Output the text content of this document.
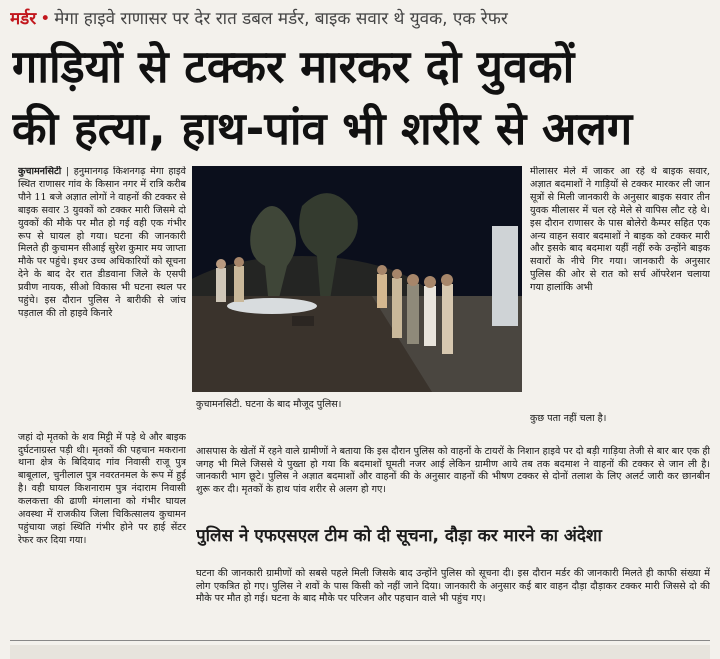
मर्डर • मेगा हाइवे राणासर पर देर रात डबल मर्डर, बाइक सवार थे युवक, एक रेफर
गाड़ियों से टक्कर मारकर दो युवकों
की हत्या, हाथ-पांव भी शरीर से अलग

कुचामनसिटी | हनुमानगढ़ किशनगढ़ मेगा हाइवे स्थित राणासर गांव के किसान नगर में रात्रि करीब पौने 11 बजे अज्ञात लोगों ने वाहनों की टक्कर से बाइक सवार 3 युवकों को टक्कर मारी जिसमे दो युवकों की मौके पर मौत हो गई वही एक गंभीर रूप से घायल हो गया। घटना की जानकारी मिलते ही कुचामन सीआई सुरेश कुमार मय जाप्ता मौके पर पहुंचे। इधर उच्च अधिकारियों को सूचना देने के बाद देर रात डीडवाना जिले के एसपी प्रवीण नायक, सीओ विकास भी घटना स्थल पर पहुंचे। इस दौरान पुलिस ने बारीकी से जांच पड़ताल की तो हाइवे किनारे

मीलासर मेले में जाकर आ रहे थे बाइक सवार, अज्ञात बदमाशों ने गाड़ियों से टक्कर मारकर ली जान सूत्रों से मिली जानकारी के अनुसार बाइक सवार तीन युवक मीलासर में चल रहे मेले से वापिस लौट रहे थे। इस दौरान राणासर के पास बोलेरो कैम्पर सहित एक अन्य वाहन सवार बदमाशों ने बाइक को टक्कर मारी और इसके बाद बदमाश यहीं नहीं रुके उन्होंने बाइक सवारों के नीचे गिर गया। जानकारी के अनुसार पुलिस की ओर से रात को सर्च ऑपरेशन चलाया गया हालांकि अभी

कुचामनसिटी. घटना के बाद मौजूद पुलिस।
कुछ पता नहीं चला है।

जहां दो मृतको के शव मिट्टी में पड़े थे और बाइक दुर्घटनाग्रस्त पड़ी थी। मृतकों की पहचान मकराना थाना क्षेत्र के बिदियाद गांव निवासी राजू पुत्र बाबूलाल, चुनीलाल पुत्र नवरतनमल के रूप में हुई है। वही घायल किशनाराम पुत्र नंदाराम निवासी कलकत्ता की ढाणी मंगलाना को गंभीर घायल अवस्था में राजकीय जिला चिकित्सालय कुचामन पहुंचाया जहां स्थिति गंभीर होने पर हाई सेंटर रेफर कर दिया गया।

आसपास के खेतों में रहने वाले ग्रामीणों ने बताया कि इस दौरान पुलिस को वाहनों के टायरों के निशान हाइवे पर दो बड़ी गाड़िया तेजी से बार बार एक ही जगह भी मिले जिससे ये पुख्ता हो गया कि बदमाशों घूमती नजर आई लेकिन ग्रामीण आये तब तक बदमाश ने वाहनों की टक्कर से जान ली है। जानकारी भाग छूटे। पुलिस ने अज्ञात बदमाशों और वाहनों की के अनुसार वाहनों की भीषण टक्कर से दोनों तलाश के लिए अलर्ट जारी कर छानबीन शुरू कर दी। मृतकों के हाथ पांव शरीर से अलग हो गए।

पुलिस ने एफएसएल टीम को दी सूचना, दौड़ा कर मारने का अंदेशा

घटना की जानकारी ग्रामीणों को सबसे पहले मिली जिसके बाद उन्होंने पुलिस को सूचना दी। इस दौरान मर्डर की जानकारी मिलते ही काफी संख्या में लोग एकत्रित हो गए। पुलिस ने शवों के पास किसी को नहीं जाने दिया। जानकारी के अनुसार कई बार वाहन दौड़ा दौड़ाकर टक्कर मारी जिससे दो की मौके पर मौत हो गई। घटना के बाद मौके पर परिजन और पहचान वाले भी पहुंच गए।
